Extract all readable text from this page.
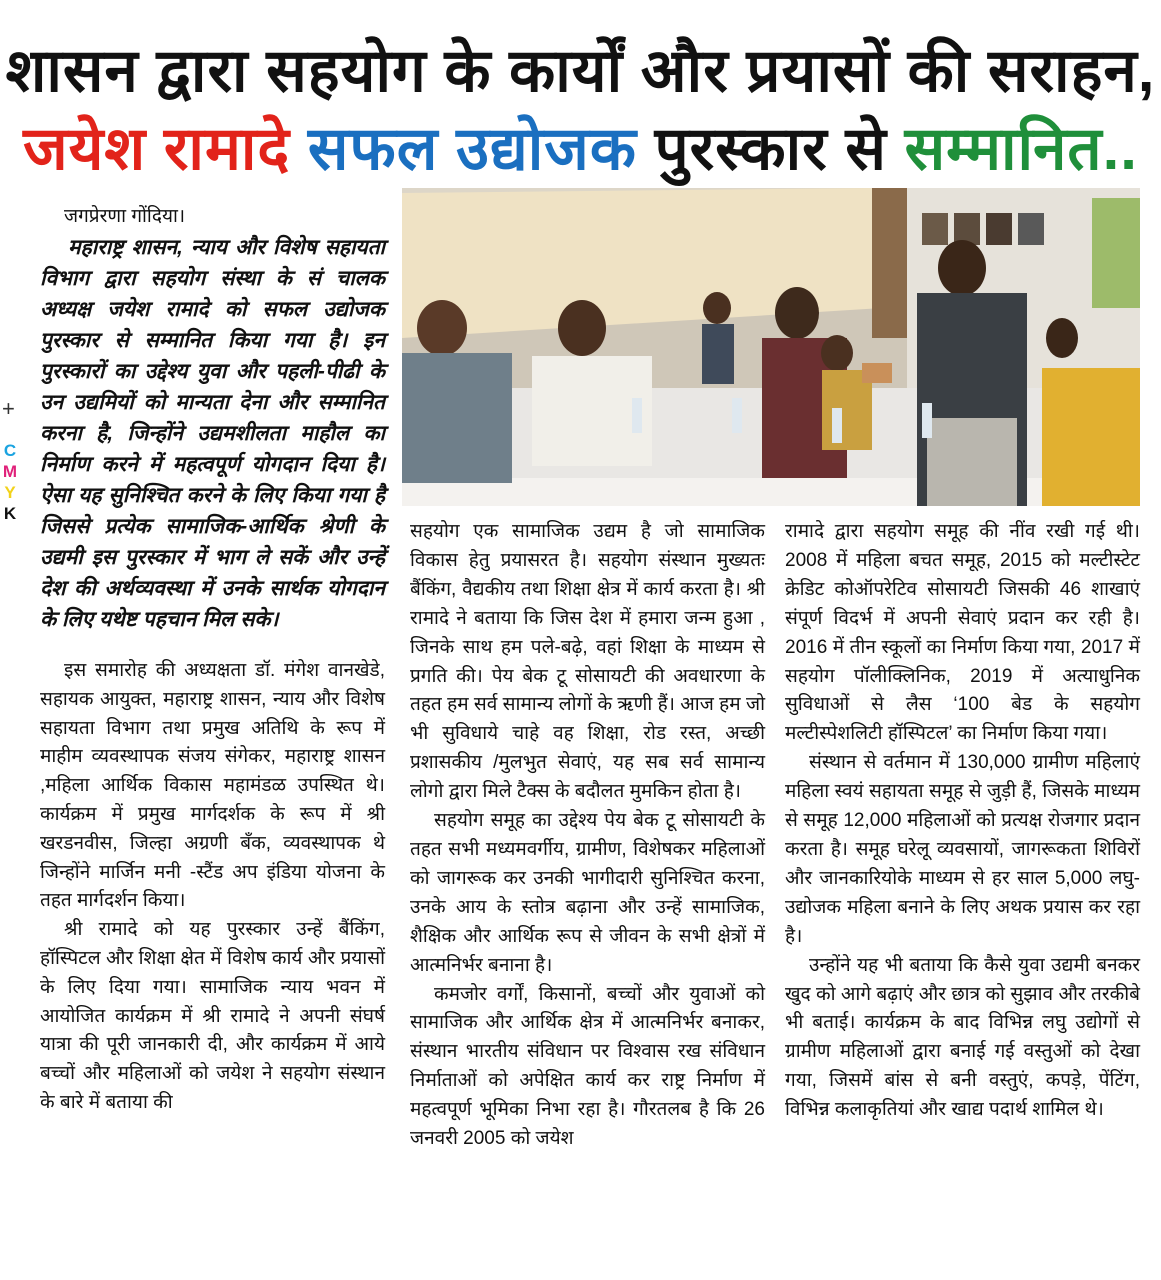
शासन द्वारा सहयोग के कार्यों और प्रयासों की सराहन,
जयेश रामादे सफल उद्योजक पुरस्कार से सम्मानित..
+
C
M
Y
K

जगप्रेरणा गोंदिया।

महाराष्ट्र शासन, न्याय और विशेष सहायता विभाग द्वारा सहयोग संस्था के सं चालक अध्यक्ष जयेश रामादे को सफल उद्योजक पुरस्कार से सम्मानित किया गया है। इन पुरस्कारों का उद्देश्य युवा और पहली-पीढी के उन उद्यमियों को मान्यता देना और सम्मानित करना है, जिन्होंने उद्यमशीलता माहौल का निर्माण करने में महत्वपूर्ण योगदान दिया है। ऐसा यह सुनिश्चित करने के लिए किया गया है जिससे प्रत्येक सामाजिक-आर्थिक श्रेणी के उद्यमी इस पुरस्कार में भाग ले सकें और उन्हें देश की अर्थव्यवस्था में उनके सार्थक योगदान के लिए यथेष्ट पहचान मिल सके।

इस समारोह की अध्यक्षता डॉ. मंगेश वानखेडे, सहायक आयुक्त, महाराष्ट्र शासन, न्याय और विशेष सहायता विभाग तथा प्रमुख अतिथि के रूप में माहीम व्यवस्थापक संजय संगेकर, महाराष्ट्र शासन ,महिला आर्थिक विकास महामंडळ उपस्थित थे। कार्यक्रम में प्रमुख मार्गदर्शक के रूप में श्री खरडनवीस, जिल्हा अग्रणी बँक, व्यवस्थापक थे जिन्होंने मार्जिन मनी -स्टैंड अप इंडिया योजना के तहत मार्गदर्शन किया।

श्री रामादे को यह पुरस्कार उन्हें बैंकिंग, हॉस्पिटल और शिक्षा क्षेत में विशेष कार्य और प्रयासों के लिए दिया गया। सामाजिक न्याय भवन में आयोजित कार्यक्रम में श्री रामादे ने अपनी संघर्ष यात्रा की पूरी जानकारी दी, और कार्यक्रम में आये बच्चों और महिलाओं को जयेश ने सहयोग संस्थान के बारे में बताया की

सहयोग एक सामाजिक उद्यम है जो सामाजिक विकास हेतु प्रयासरत है। सहयोग संस्थान मुख्यतः बैंकिंग, वैद्यकीय तथा शिक्षा क्षेत्र में कार्य करता है। श्री रामादे ने बताया कि जिस देश में हमारा जन्म हुआ , जिनके साथ हम पले-बढ़े, वहां शिक्षा के माध्यम से प्रगति की। पेय बेक टू सोसायटी की अवधारणा के तहत हम सर्व सामान्य लोगों के ऋणी हैं। आज हम जो भी सुविधाये चाहे वह शिक्षा, रोड रस्त, अच्छी प्रशासकीय /मुलभुत सेवाएं, यह सब सर्व सामान्य लोगो द्वारा मिले टैक्स के बदौलत मुमकिन होता है।

सहयोग समूह का उद्देश्य पेय बेक टू सोसायटी के तहत सभी मध्यमवर्गीय, ग्रामीण, विशेषकर महिलाओं को जागरूक कर उनकी भागीदारी सुनिश्चित करना, उनके आय के स्तोत्र बढ़ाना और उन्हें सामाजिक, शैक्षिक और आर्थिक रूप से जीवन के सभी क्षेत्रों में आत्मनिर्भर बनाना है।

कमजोर वर्गों, किसानों, बच्चों और युवाओं को सामाजिक और आर्थिक क्षेत्र में आत्मनिर्भर बनाकर, संस्थान भारतीय संविधान पर विश्वास रख संविधान निर्माताओं को अपेक्षित कार्य कर राष्ट्र निर्माण में महत्वपूर्ण भूमिका निभा रहा है। गौरतलब है कि 26 जनवरी 2005 को जयेश

रामादे द्वारा सहयोग समूह की नींव रखी गई थी। 2008 में महिला बचत समूह, 2015 को मल्टीस्टेट क्रेडिट कोऑपरेटिव सोसायटी जिसकी 46 शाखाएं संपूर्ण विदर्भ में अपनी सेवाएं प्रदान कर रही है। 2016 में तीन स्कूलों का निर्माण किया गया, 2017 में सहयोग पॉलीक्लिनिक, 2019 में अत्याधुनिक सुविधाओं से लैस ‘100 बेड के सहयोग मल्टीस्पेशलिटी हॉस्पिटल’ का निर्माण किया गया।

संस्थान से वर्तमान में 130,000 ग्रामीण महिलाएं महिला स्वयं सहायता समूह से जुड़ी हैं, जिसके माध्यम से समूह 12,000 महिलाओं को प्रत्यक्ष रोजगार प्रदान करता है। समूह घरेलू व्यवसायों, जागरूकता शिविरों और जानकारियोके माध्यम से हर साल 5,000 लघु-उद्योजक महिला बनाने के लिए अथक प्रयास कर रहा है।

उन्होंने यह भी बताया कि कैसे युवा उद्यमी बनकर खुद को आगे बढ़ाएं और छात्र को सुझाव और तरकीबे भी बताई। कार्यक्रम के बाद विभिन्न लघु उद्योगों से ग्रामीण महिलाओं द्वारा बनाई गई वस्तुओं को देखा गया, जिसमें बांस से बनी वस्तुएं, कपड़े, पेंटिंग, विभिन्न कलाकृतियां और खाद्य पदार्थ शामिल थे।
